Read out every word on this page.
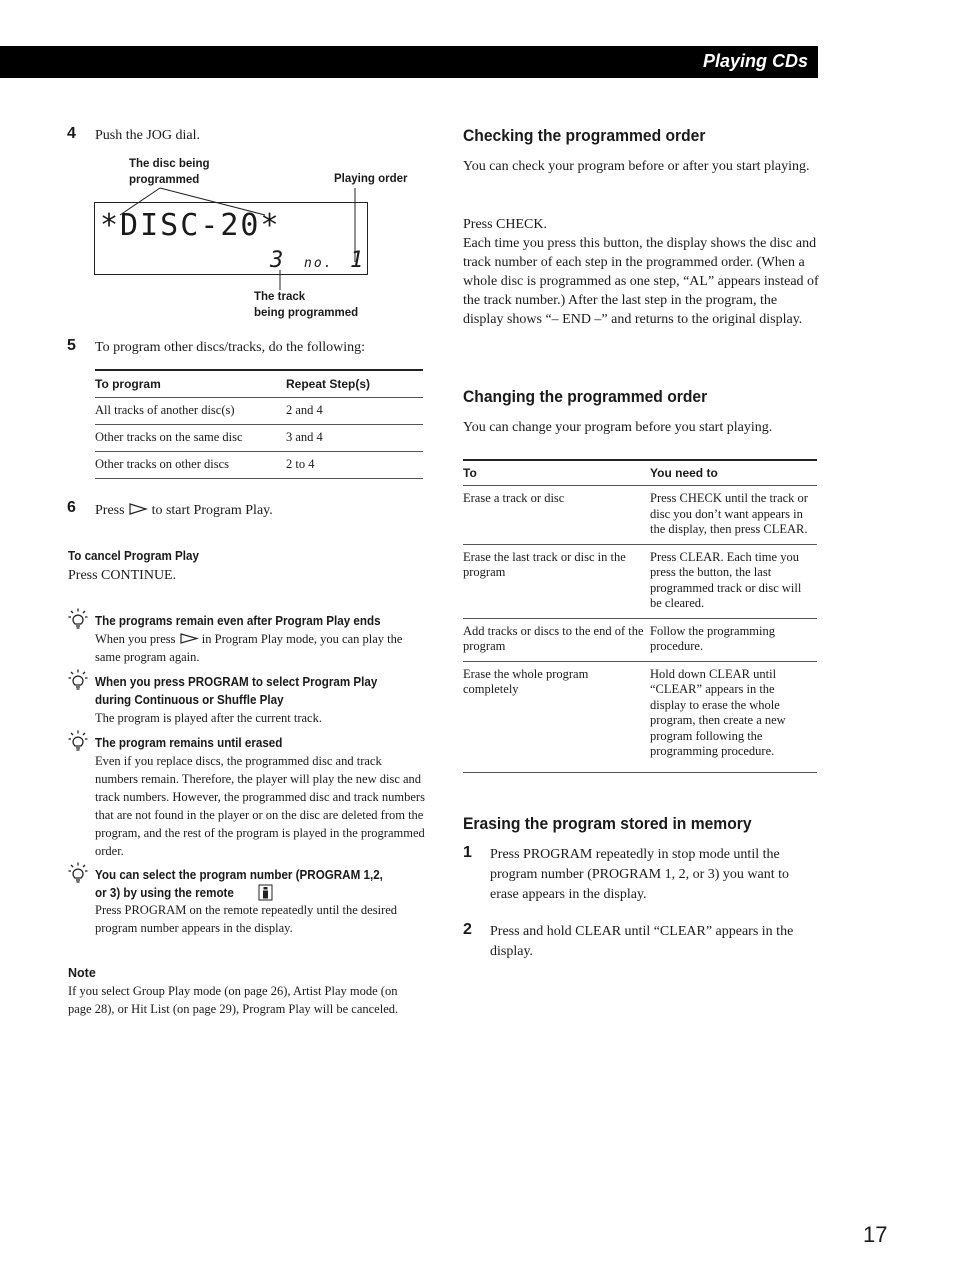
Playing CDs
4 Push the JOG dial.
The disc being
programmed	Playing order
*DISC-20*
3 no. 1
The track
being programmed
5 To program other discs/tracks, do the following:
To program	Repeat Step(s)
All tracks of another disc(s)	2 and 4
Other tracks on the same disc	3 and 4
Other tracks on other discs	2 to 4
6 Press to start Program Play.
To cancel Program Play
Press CONTINUE.
The programs remain even after Program Play ends
When you press in Program Play mode, you can play the same program again.
When you press PROGRAM to select Program Play
during Continuous or Shuffle Play
The program is played after the current track.
The program remains until erased
Even if you replace discs, the programmed disc and track numbers remain. Therefore, the player will play the new disc and track numbers. However, the programmed disc and track numbers that are not found in the player or on the disc are deleted from the program, and the rest of the program is played in the programmed order.
You can select the program number (PROGRAM 1,2,
or 3) by using the remote
Press PROGRAM on the remote repeatedly until the desired program number appears in the display.
Note
If you select Group Play mode (on page 26), Artist Play mode (on page 28), or Hit List (on page 29), Program Play will be canceled.
Checking the programmed order
You can check your program before or after you start playing.
Press CHECK.
Each time you press this button, the display shows the disc and track number of each step in the programmed order. (When a whole disc is programmed as one step, “AL” appears instead of the track number.) After the last step in the program, the display shows “– END –” and returns to the original display.
Changing the programmed order
You can change your program before you start playing.
To	You need to
Erase a track or disc	Press CHECK until the track or disc you don’t want appears in the display, then press CLEAR.
Erase the last track or disc in the program	Press CLEAR. Each time you press the button, the last programmed track or disc will be cleared.
Add tracks or discs to the end of the program	Follow the programming procedure.
Erase the whole program completely	Hold down CLEAR until “CLEAR” appears in the display to erase the whole program, then create a new program following the programming procedure.
Erasing the program stored in memory
1 Press PROGRAM repeatedly in stop mode until the program number (PROGRAM 1, 2, or 3) you want to erase appears in the display.
2 Press and hold CLEAR until “CLEAR” appears in the display.
17
